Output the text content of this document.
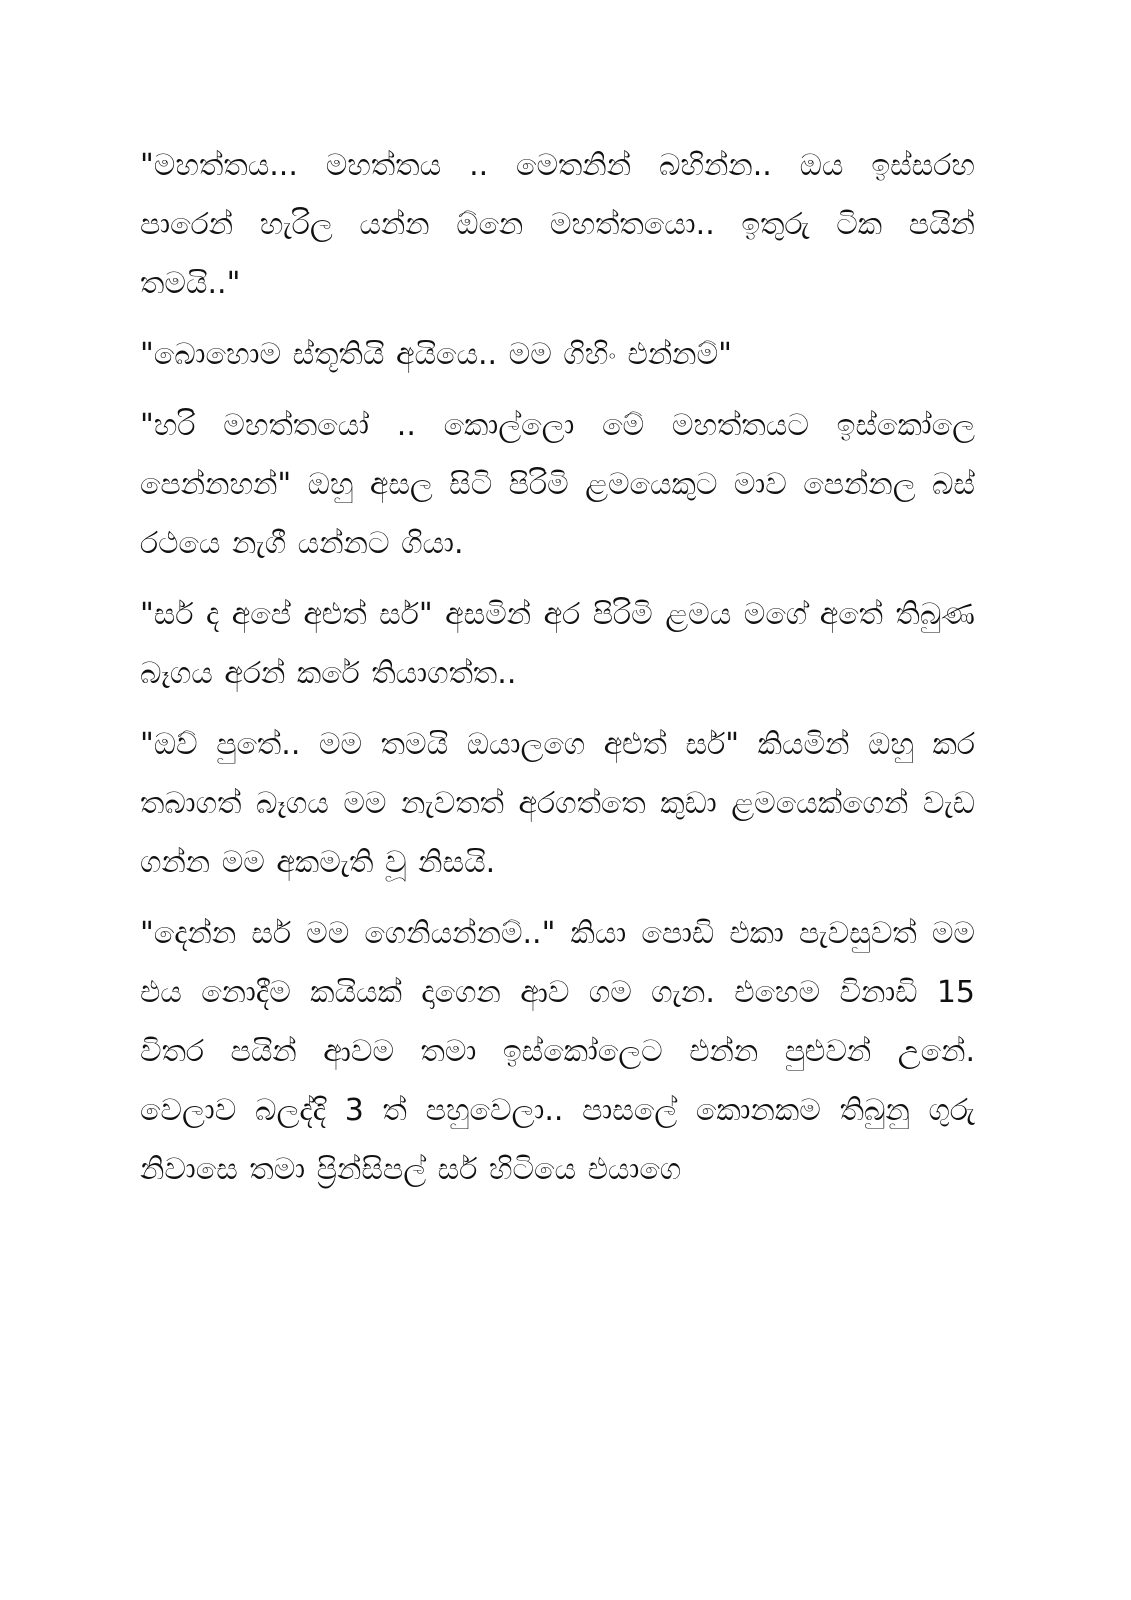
"මහත්තය... මහත්තය .. මෙතනින් බහින්න.. ඔය ඉස්සරහ පාරෙන් හැරිල යන්න ඕනෙ මහත්තයො.. ඉතුරු ටික පයින් තමයි.."

"බොහොම ස්තූතියි අයියෙ.. මම ගිහිං එන්නම්"

"හරි මහත්තයෝ .. කොල්ලො මේ මහත්තයට ඉස්කෝලෙ පෙන්නහන්" ඔහු අසල සිටි පිරිමි ළමයෙකුට මාව පෙන්නල බස් රථයෙ නැගී යන්නට ගියා.

"සර් ද අපේ අළුත් සර්" අසමින් අර පිරිමි ළමය මගේ අතේ තිබුණ බෑගය අරන් කරේ තියාගත්ත..

"ඔව් පුතේ.. මම තමයි ඔයාලගෙ අළුත් සර්" කියමින් ඔහු කර තබාගත් බෑගය මම නැවතත් අරගත්තෙ කුඩා ළමයෙක්ගෙන් වැඩ ගන්න මම අකමැති වූ නිසයි.

"දෙන්න සර් මම ගෙනියන්නම්.." කියා පොඩි එකා පැවසුවත් මම එය නොදීම කයියක් දාගෙන ආව ගම ගැන. එහෙම විනාඩි 15 විතර පයින් ආවම තමා ඉස්කෝලෙට එන්න පුළුවන් උනේ. වෙලාව බලද්දි 3 ත් පහුවෙලා.. පාසලේ කොනකම තිබුනු ගුරු නිවාසෙ තමා ප්‍රින්සිපල් සර් හිටියෙ එයාගෙ
